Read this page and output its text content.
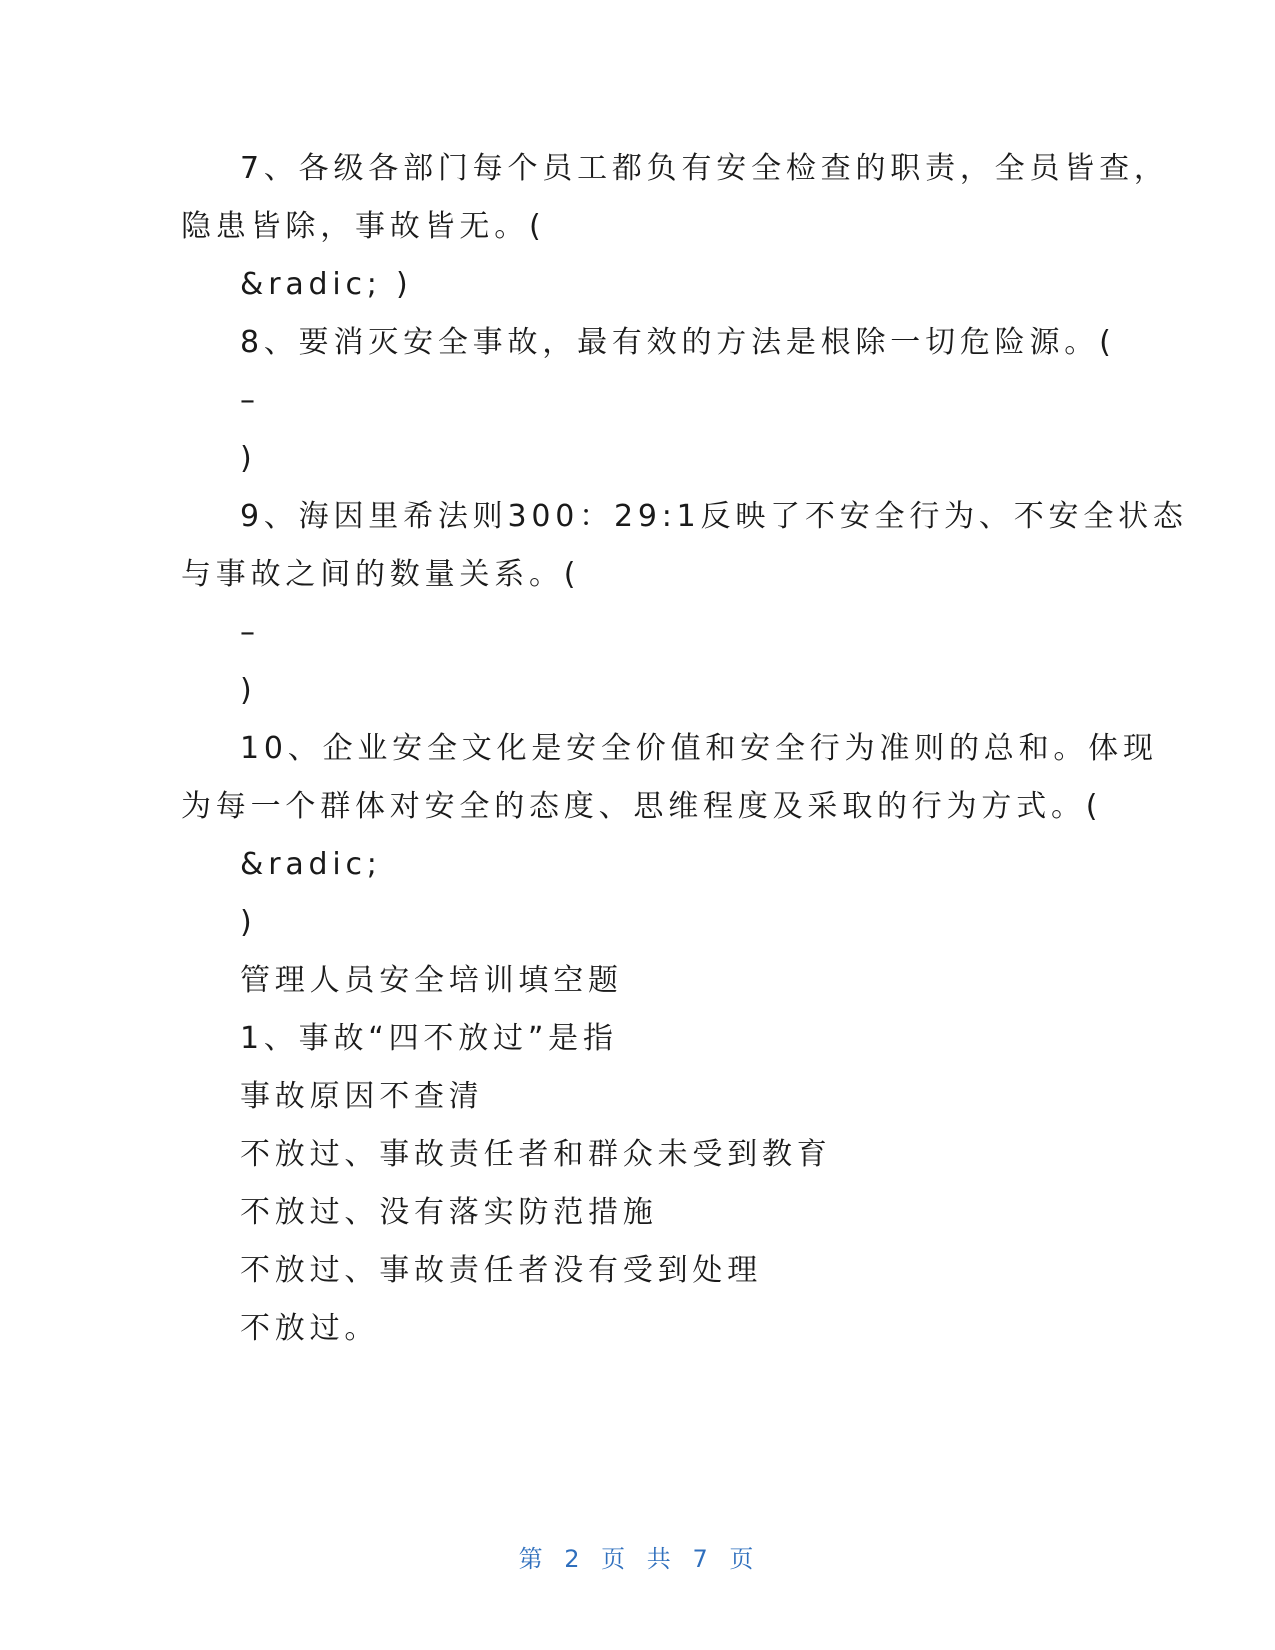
7、各级各部门每个员工都负有安全检查的职责，全员皆查，
隐患皆除，事故皆无。(
&radic; )
8、要消灭安全事故，最有效的方法是根除一切危险源。(
–
)
9、海因里希法则300：29:1反映了不安全行为、不安全状态
与事故之间的数量关系。(
–
)
10、企业安全文化是安全价值和安全行为准则的总和。体现
为每一个群体对安全的态度、思维程度及采取的行为方式。(
&radic;
)
管理人员安全培训填空题
1、事故“四不放过”是指
事故原因不查清
不放过、事故责任者和群众未受到教育
不放过、没有落实防范措施
不放过、事故责任者没有受到处理
不放过。
第 2 页 共 7 页
